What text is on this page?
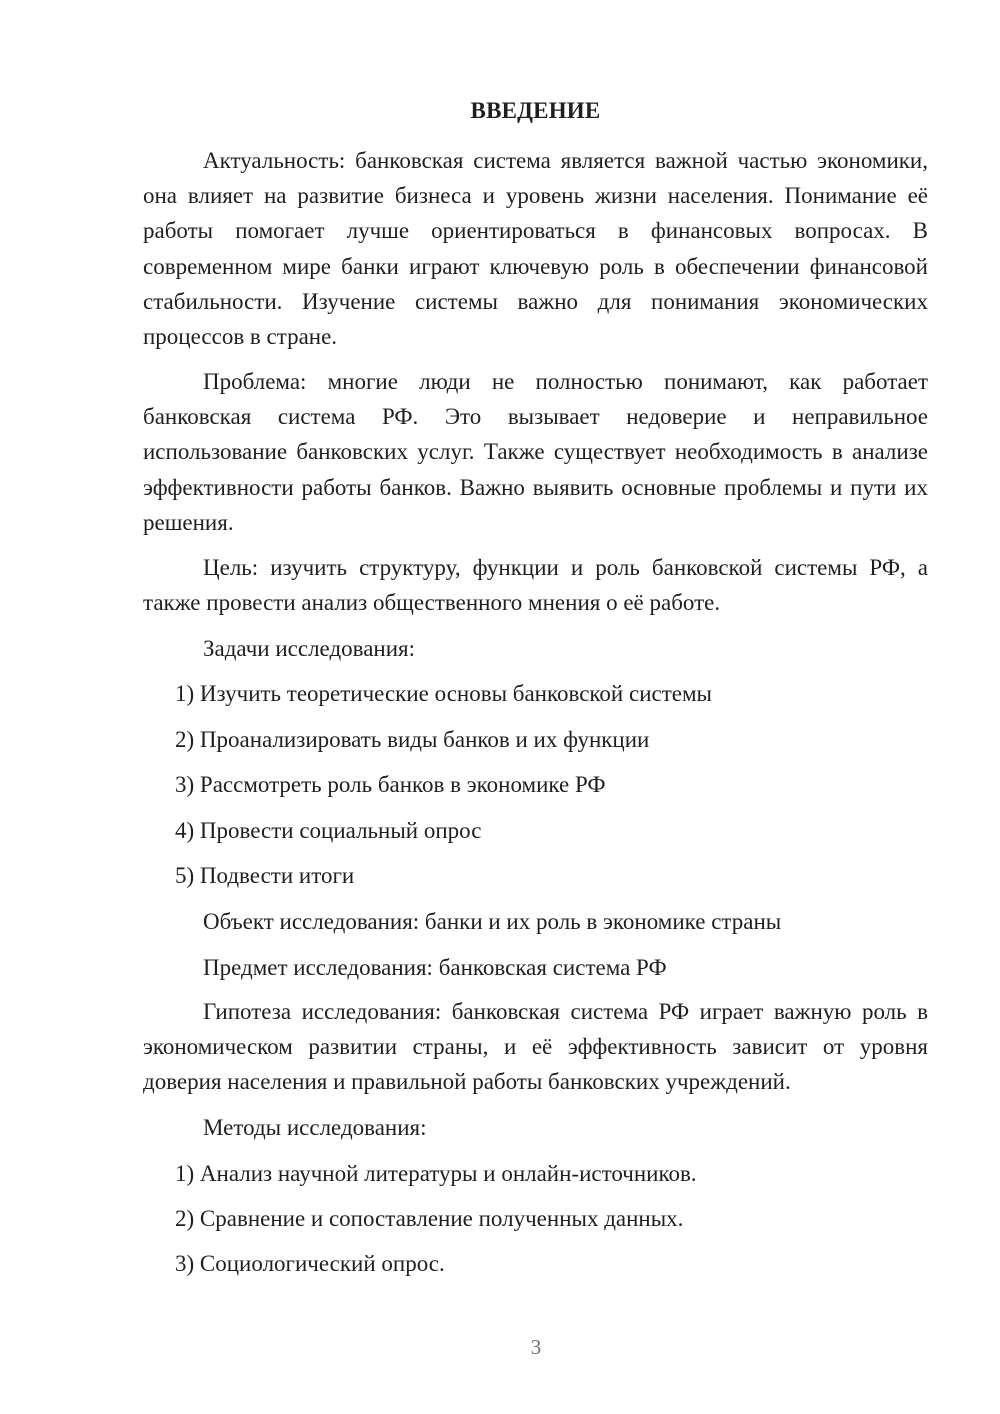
ВВЕДЕНИЕ

Актуальность: банковская система является важной частью экономики, она влияет на развитие бизнеса и уровень жизни населения. Понимание её работы помогает лучше ориентироваться в финансовых вопросах. В современном мире банки играют ключевую роль в обеспечении финансовой стабильности. Изучение системы важно для понимания экономических процессов в стране.

Проблема: многие люди не полностью понимают, как работает банковская система РФ. Это вызывает недоверие и неправильное использование банковских услуг. Также существует необходимость в анализе эффективности работы банков. Важно выявить основные проблемы и пути их решения.

Цель: изучить структуру, функции и роль банковской системы РФ, а также провести анализ общественного мнения о её работе.

Задачи исследования:
1) Изучить теоретические основы банковской системы
2) Проанализировать виды банков и их функции
3) Рассмотреть роль банков в экономике РФ
4) Провести социальный опрос
5) Подвести итоги
Объект исследования: банки и их роль в экономике страны
Предмет исследования: банковская система РФ

Гипотеза исследования: банковская система РФ играет важную роль в экономическом развитии страны, и её эффективность зависит от уровня доверия населения и правильной работы банковских учреждений.

Методы исследования:
1) Анализ научной литературы и онлайн-источников.
2) Сравнение и сопоставление полученных данных.
3) Социологический опрос.
3
